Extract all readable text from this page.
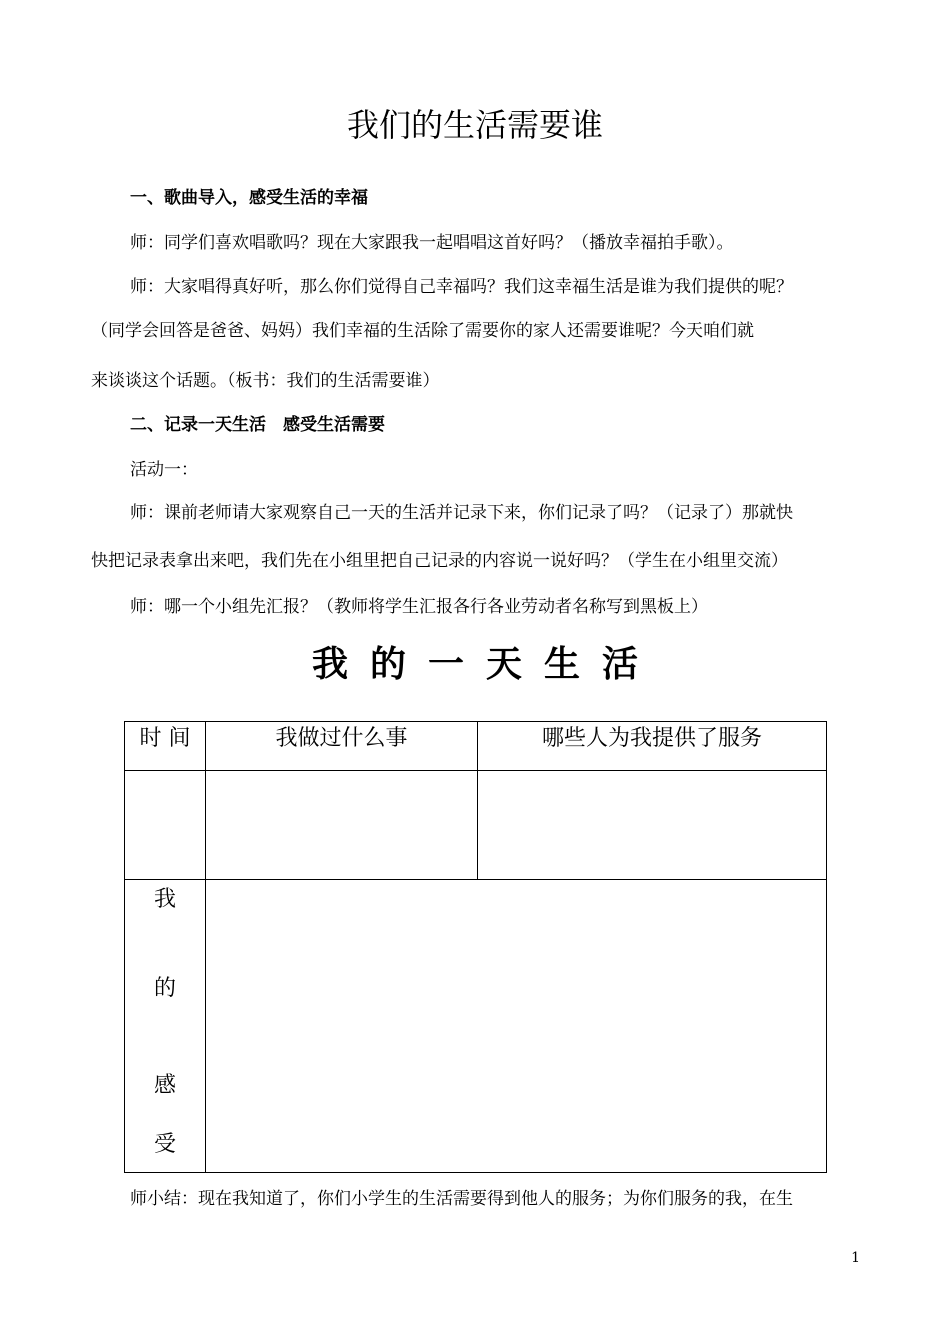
我们的生活需要谁
一、歌曲导入，感受生活的幸福
师：同学们喜欢唱歌吗？现在大家跟我一起唱唱这首好吗？（播放幸福拍手歌）。
师：大家唱得真好听，那么你们觉得自己幸福吗？我们这幸福生活是谁为我们提供的呢？
（同学会回答是爸爸、妈妈）我们幸福的生活除了需要你的家人还需要谁呢？今天咱们就
来谈谈这个话题。（板书：我们的生活需要谁）
二、记录一天生活　感受生活需要
活动一：
师：课前老师请大家观察自己一天的生活并记录下来，你们记录了吗？（记录了）那就快
快把记录表拿出来吧，我们先在小组里把自己记录的内容说一说好吗？（学生在小组里交流）
师：哪一个小组先汇报？（教师将学生汇报各行各业劳动者名称写到黑板上）
我的一天生活
时 间	我做过什么事	哪些人为我提供了服务

我
的
感
受		

师小结：现在我知道了，你们小学生的生活需要得到他人的服务；为你们服务的我，在生
1
